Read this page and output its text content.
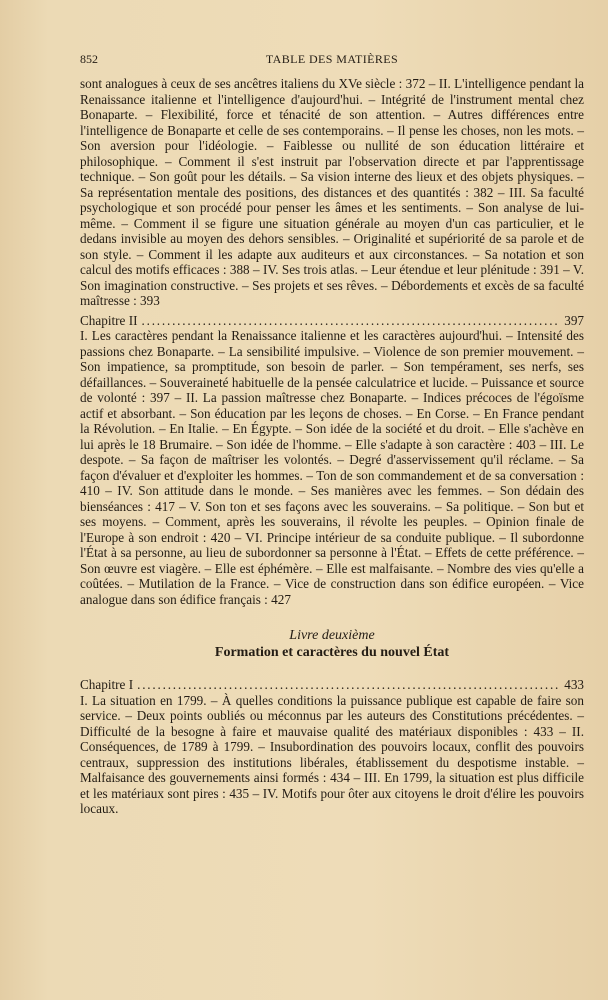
852	TABLE DES MATIÈRES

sont analogues à ceux de ses ancêtres italiens du XVe siècle : 372 – II. L'intelligence pendant la Renaissance italienne et l'intelligence d'aujourd'hui. – Intégrité de l'instrument mental chez Bonaparte. – Flexibilité, force et ténacité de son attention. – Autres différences entre l'intelligence de Bonaparte et celle de ses contemporains. – Il pense les choses, non les mots. – Son aversion pour l'idéologie. – Faiblesse ou nullité de son éducation littéraire et philosophique. – Comment il s'est instruit par l'observation directe et par l'apprentissage technique. – Son goût pour les détails. – Sa vision interne des lieux et des objets physiques. – Sa représentation mentale des positions, des distances et des quantités : 382 – III. Sa faculté psychologique et son procédé pour penser les âmes et les sentiments. – Son analyse de lui-même. – Comment il se figure une situation générale au moyen d'un cas particulier, et le dedans invisible au moyen des dehors sensibles. – Originalité et supériorité de sa parole et de son style. – Comment il les adapte aux auditeurs et aux circonstances. – Sa notation et son calcul des motifs efficaces : 388 – IV. Ses trois atlas. – Leur étendue et leur plénitude : 391 – V. Son imagination constructive. – Ses projets et ses rêves. – Débordements et excès de sa faculté maîtresse : 393

Chapitre II .....	397

I. Les caractères pendant la Renaissance italienne et les caractères aujourd'hui. – Intensité des passions chez Bonaparte. – La sensibilité impulsive. – Violence de son premier mouvement. – Son impatience, sa promptitude, son besoin de parler. – Son tempérament, ses nerfs, ses défaillances. – Souveraineté habituelle de la pensée calculatrice et lucide. – Puissance et source de volonté : 397 – II. La passion maîtresse chez Bonaparte. – Indices précoces de l'égoïsme actif et absorbant. – Son éducation par les leçons de choses. – En Corse. – En France pendant la Révolution. – En Italie. – En Égypte. – Son idée de la société et du droit. – Elle s'achève en lui après le 18 Brumaire. – Son idée de l'homme. – Elle s'adapte à son caractère : 403 – III. Le despote. – Sa façon de maîtriser les volontés. – Degré d'asservissement qu'il réclame. – Sa façon d'évaluer et d'exploiter les hommes. – Ton de son commandement et de sa conversation : 410 – IV. Son attitude dans le monde. – Ses manières avec les femmes. – Son dédain des bienséances : 417 – V. Son ton et ses façons avec les souverains. – Sa politique. – Son but et ses moyens. – Comment, après les souverains, il révolte les peuples. – Opinion finale de l'Europe à son endroit : 420 – VI. Principe intérieur de sa conduite publique. – Il subordonne l'État à sa personne, au lieu de subordonner sa personne à l'État. – Effets de cette préférence. – Son œuvre est viagère. – Elle est éphémère. – Elle est malfaisante. – Nombre des vies qu'elle a coûtées. – Mutilation de la France. – Vice de construction dans son édifice européen. – Vice analogue dans son édifice français : 427

Livre deuxième
Formation et caractères du nouvel État
Chapitre I .....	433

I. La situation en 1799. – À quelles conditions la puissance publique est capable de faire son service. – Deux points oubliés ou méconnus par les auteurs des Constitutions précédentes. – Difficulté de la besogne à faire et mauvaise qualité des matériaux disponibles : 433 – II. Conséquences, de 1789 à 1799. – Insubordination des pouvoirs locaux, conflit des pouvoirs centraux, suppression des institutions libérales, établissement du despotisme instable. – Malfaisance des gouvernements ainsi formés : 434 – III. En 1799, la situation est plus difficile et les matériaux sont pires : 435 – IV. Motifs pour ôter aux citoyens le droit d'élire les pouvoirs locaux.
